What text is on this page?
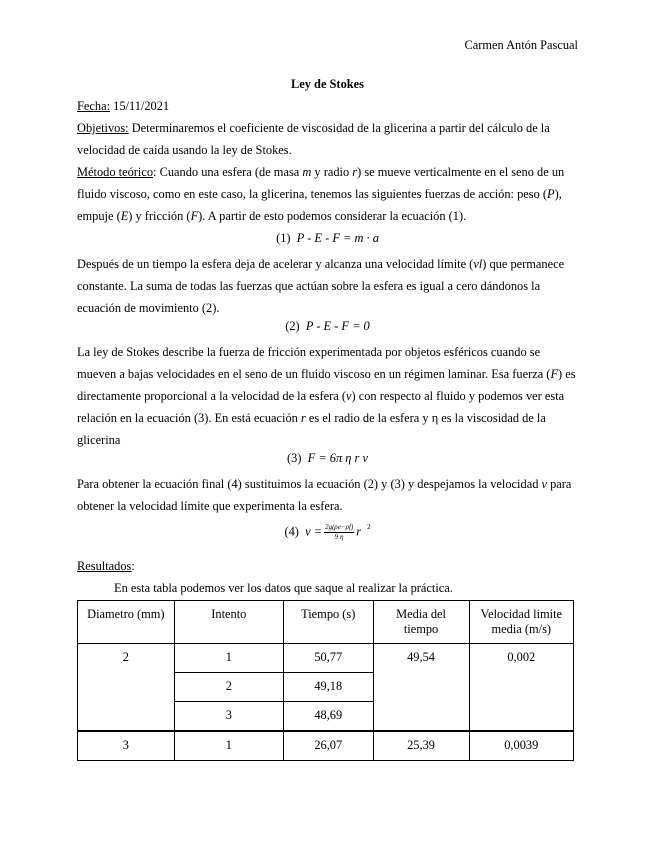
Carmen Antón Pascual
Ley de Stokes

Fecha: 15/11/2021

Objetivos: Determinaremos el coeficiente de viscosidad de la glicerina a partir del cálculo de la velocidad de caída usando la ley de Stokes.

Método teórico: Cuando una esfera (de masa m y radio r) se mueve verticalmente en el seno de un fluido viscoso, como en este caso, la glicerina, tenemos las siguientes fuerzas de acción: peso (P), empuje (E) y fricción (F). A partir de esto podemos considerar la ecuación (1).

(1) P - E - F = m · a

Después de un tiempo la esfera deja de acelerar y alcanza una velocidad límite (vl) que permanece constante. La suma de todas las fuerzas que actúan sobre la esfera es igual a cero dándonos la ecuación de movimiento (2).

(2) P - E - F = 0

La ley de Stokes describe la fuerza de fricción experimentada por objetos esféricos cuando se mueven a bajas velocidades en el seno de un fluido viscoso en un régimen laminar. Esa fuerza (F) es directamente proporcional a la velocidad de la esfera (v) con respecto al fluido y podemos ver esta relación en la ecuación (3). En está ecuación r es el radio de la esfera y η es la viscosidad de la glicerina

(3) F = 6π η r v

Para obtener la ecuación final (4) sustituimos la ecuación (2) y (3) y despejamos la velocidad v para obtener la velocidad límite que experimenta la esfera.

(4) $v = \frac{2g(\rho e-\rho f)}{9 \eta}$ r $^2$

Resultados:

En esta tabla podemos ver los datos que saque al realizar la práctica.

Diametro (mm)	Intento	Tiempo (s)	Media del tiempo	Velocidad limite media (m/s)
2	1	50,77	49,54	0,002
	2	49,18		
	3	48,69		
3	1	26,07	25,39	0,0039
